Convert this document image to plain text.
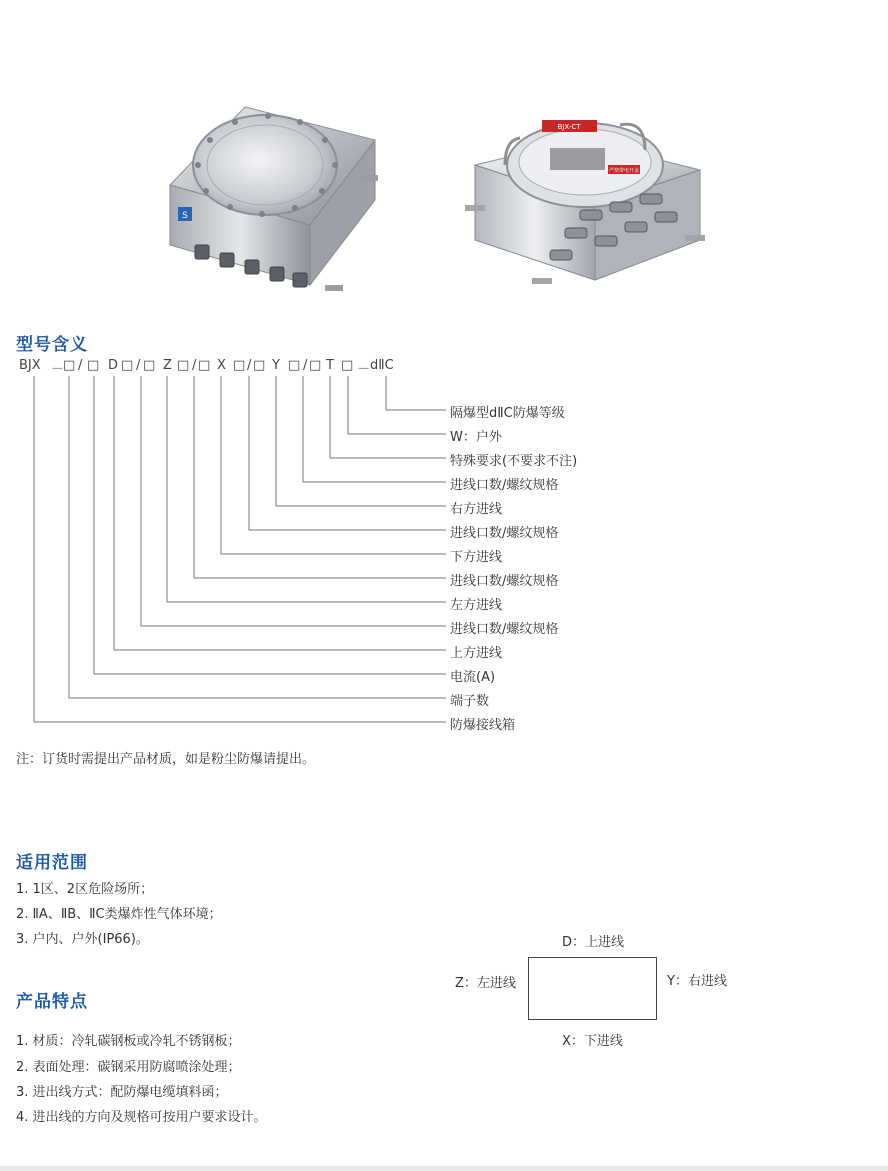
S
BJX-CT
严禁带电开盖
型号含义
BJX －
□ / □ D □ / □ Z □ / □ X □ / □ Y □ / □ T □ － dⅡC
隔爆型dⅡC防爆等级
W：户外
特殊要求(不要求不注)
进线口数/螺纹规格
右方进线
进线口数/螺纹规格
下方进线
进线口数/螺纹规格
左方进线
进线口数/螺纹规格
上方进线
电流(A)
端子数
防爆接线箱
注：订货时需提出产品材质，如是粉尘防爆请提出。
适用范围
1. 1区、2区危险场所；
2. ⅡA、ⅡB、ⅡC类爆炸性气体环境；
3. 户内、户外(IP66)。	D：上进线
Z：左进线	Y：右进线
X：下进线
产品特点
1. 材质：冷轧碳钢板或冷轧不锈钢板；
2. 表面处理：碳钢采用防腐喷涂处理；
3. 进出线方式：配防爆电缆填料函；
4. 进出线的方向及规格可按用户要求设计。
